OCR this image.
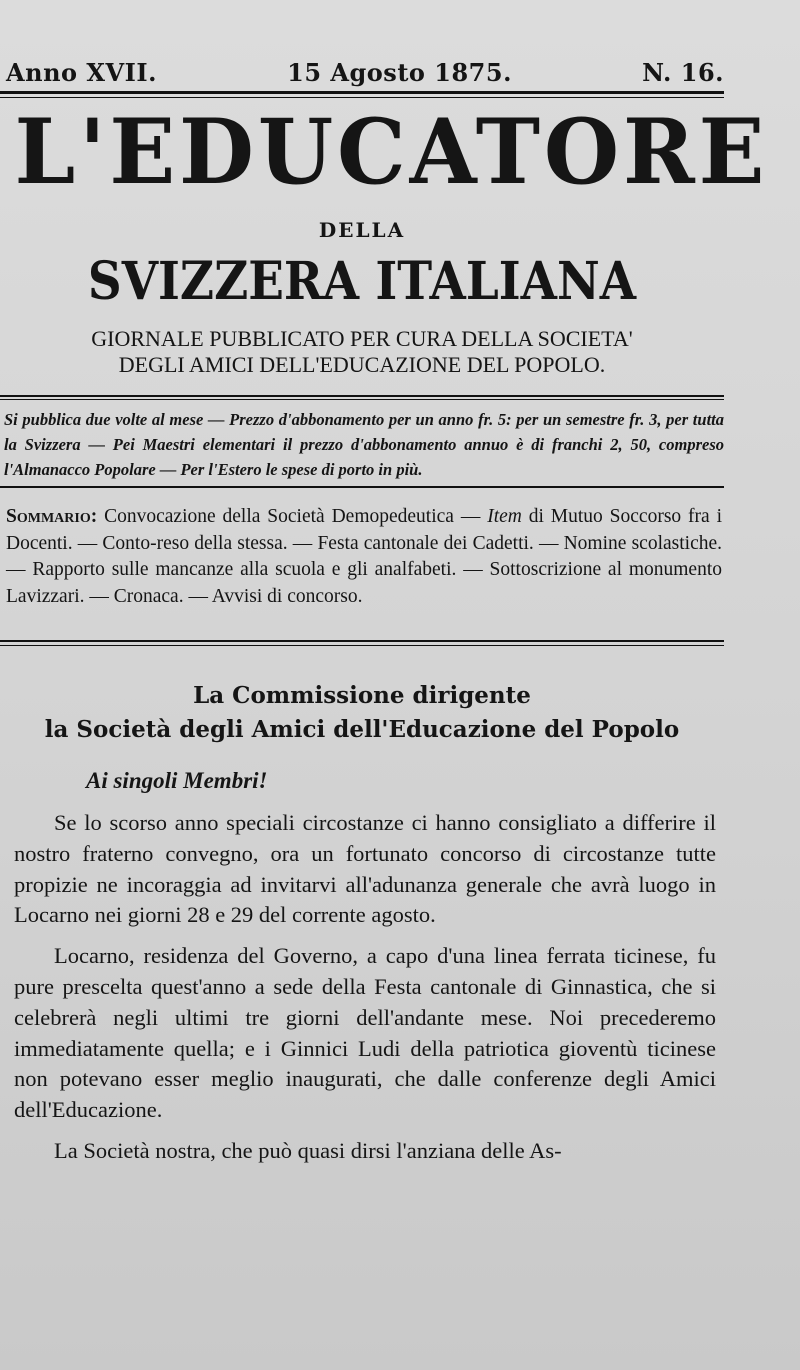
Anno XVII.	15 Agosto 1875.	N. 16.
L'EDUCATORE
DELLA
SVIZZERA ITALIANA
GIORNALE PUBBLICATO PER CURA DELLA SOCIETA'
DEGLI AMICI DELL'EDUCAZIONE DEL POPOLO.
Si pubblica due volte al mese — Prezzo d'abbonamento per un anno fr. 5: per un semestre fr. 3, per tutta la Svizzera — Pei Maestri elementari il prezzo d'abbonamento annuo è di franchi 2, 50, compreso l'Almanacco Popolare — Per l'Estero le spese di porto in più.
Sommario: Convocazione della Società Demopedeutica — Item di Mutuo Soccorso fra i Docenti. — Conto-reso della stessa. — Festa cantonale dei Cadetti. — Nomine scolastiche. — Rapporto sulle mancanze alla scuola e gli analfabeti. — Sottoscrizione al monumento Lavizzari. — Cronaca. — Avvisi di concorso.
La Commissione dirigente
la Società degli Amici dell'Educazione del Popolo
Ai singoli Membri!

Se lo scorso anno speciali circostanze ci hanno consigliato a differire il nostro fraterno convegno, ora un fortunato concorso di circostanze tutte propizie ne incoraggia ad invitarvi all'adunanza generale che avrà luogo in Locarno nei giorni 28 e 29 del corrente agosto.

Locarno, residenza del Governo, a capo d'una linea ferrata ticinese, fu pure prescelta quest'anno a sede della Festa cantonale di Ginnastica, che si celebrerà negli ultimi tre giorni dell'andante mese. Noi precederemo immediatamente quella; e i Ginnici Ludi della patriotica gioventù ticinese non potevano esser meglio inaugurati, che dalle conferenze degli Amici dell'Educazione.

La Società nostra, che può quasi dirsi l'anziana delle As-
